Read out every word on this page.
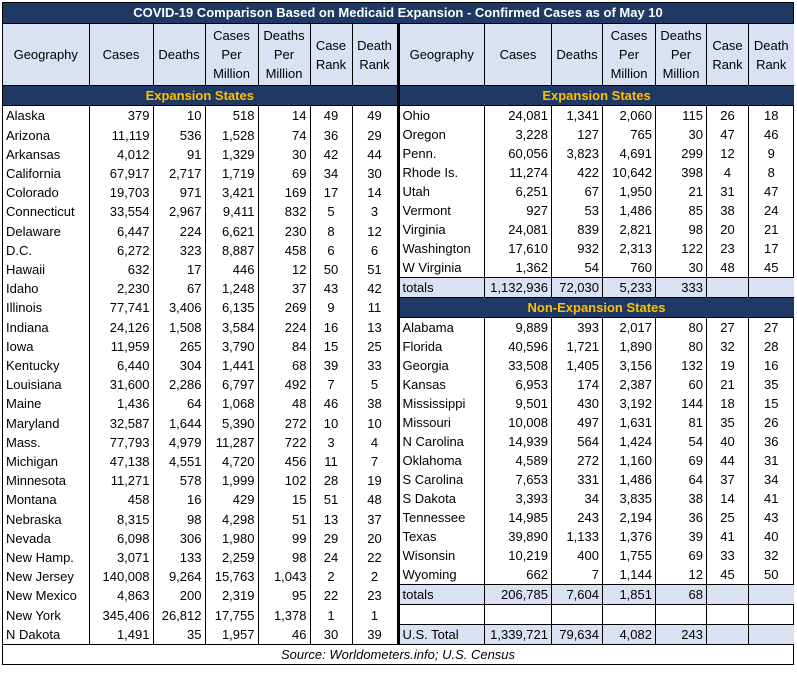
COVID-19 Comparison Based on Medicaid Expansion - Confirmed Cases as of May 10
Geography	Cases	Deaths	Cases Per Million	Deaths Per Million	Case Rank	Death Rank
Expansion States						
Alaska	379	10	518	14	49	49
Arizona	11,119	536	1,528	74	36	29
Arkansas	4,012	91	1,329	30	42	44
California	67,917	2,717	1,719	69	34	30
Colorado	19,703	971	3,421	169	17	14
Connecticut	33,554	2,967	9,411	832	5	3
Delaware	6,447	224	6,621	230	8	12
D.C.	6,272	323	8,887	458	6	6
Hawaii	632	17	446	12	50	51
Idaho	2,230	67	1,248	37	43	42
Illinois	77,741	3,406	6,135	269	9	11
Indiana	24,126	1,508	3,584	224	16	13
Iowa	11,959	265	3,790	84	15	25
Kentucky	6,440	304	1,441	68	39	33
Louisiana	31,600	2,286	6,797	492	7	5
Maine	1,436	64	1,068	48	46	38
Maryland	32,587	1,644	5,390	272	10	10
Mass.	77,793	4,979	11,287	722	3	4
Michigan	47,138	4,551	4,720	456	11	7
Minnesota	11,271	578	1,999	102	28	19
Montana	458	16	429	15	51	48
Nebraska	8,315	98	4,298	51	13	37
Nevada	6,098	306	1,980	99	29	20
New Hamp.	3,071	133	2,259	98	24	22
New Jersey	140,008	9,264	15,763	1,043	2	2
New Mexico	4,863	200	2,319	95	22	23
New York	345,406	26,812	17,755	1,378	1	1
N Dakota	1,491	35	1,957	46	30	39
Geography	Cases	Deaths	Cases Per Million	Deaths Per Million	Case Rank	Death Rank
Expansion States						
Ohio	24,081	1,341	2,060	115	26	18
Oregon	3,228	127	765	30	47	46
Penn.	60,056	3,823	4,691	299	12	9
Rhode Is.	11,274	422	10,642	398	4	8
Utah	6,251	67	1,950	21	31	47
Vermont	927	53	1,486	85	38	24
Virginia	24,081	839	2,821	98	20	21
Washington	17,610	932	2,313	122	23	17
W Virginia	1,362	54	760	30	48	45
totals	1,132,936	72,030	5,233	333		
Non-Expansion States						
Alabama	9,889	393	2,017	80	27	27
Florida	40,596	1,721	1,890	80	32	28
Georgia	33,508	1,405	3,156	132	19	16
Kansas	6,953	174	2,387	60	21	35
Mississippi	9,501	430	3,192	144	18	15
Missouri	10,008	497	1,631	81	35	26
N Carolina	14,939	564	1,424	54	40	36
Oklahoma	4,589	272	1,160	69	44	31
S Carolina	7,653	331	1,486	64	37	34
S Dakota	3,393	34	3,835	38	14	41
Tennessee	14,985	243	2,194	36	25	43
Texas	39,890	1,133	1,376	39	41	40
Wisonsin	10,219	400	1,755	69	33	32
Wyoming	662	7	1,144	12	45	50
totals	206,785	7,604	1,851	68		

U.S. Total	1,339,721	79,634	4,082	243		
Source: Worldometers.info; U.S. Census
